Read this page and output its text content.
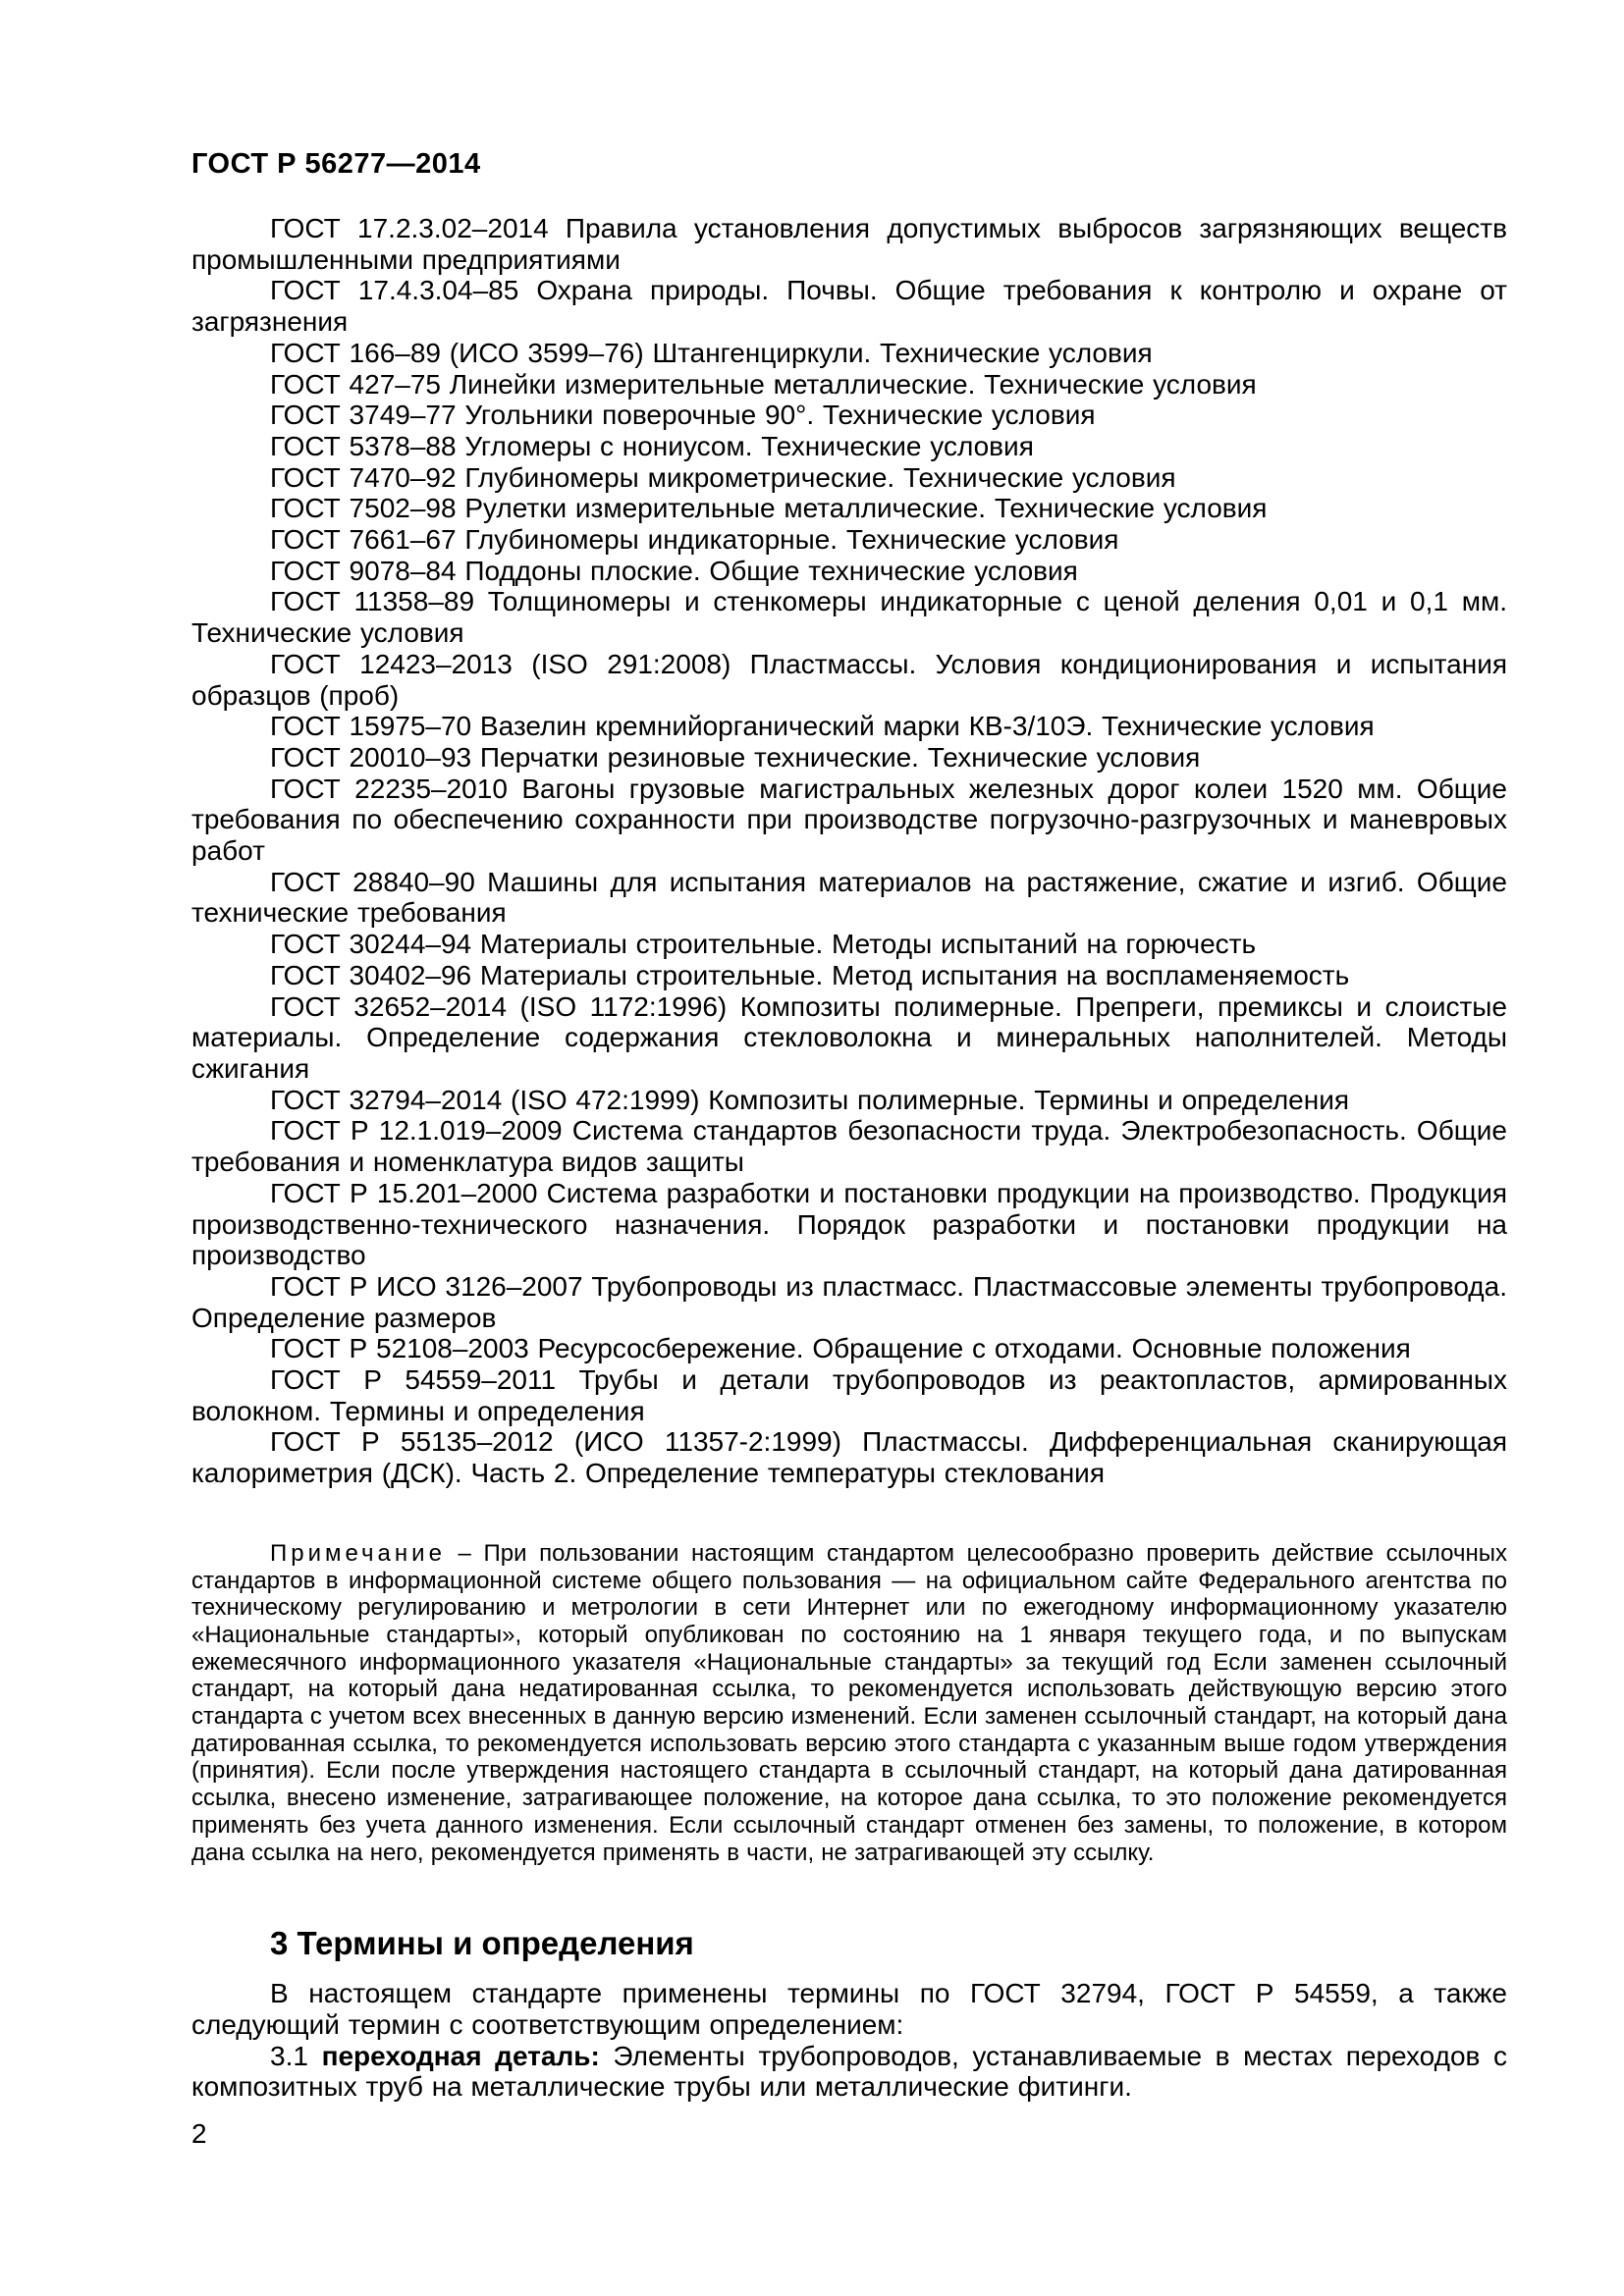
ГОСТ Р 56277—2014

ГОСТ 17.2.3.02–2014 Правила установления допустимых выбросов загрязняющих веществ промышленными предприятиями

ГОСТ 17.4.3.04–85 Охрана природы. Почвы. Общие требования к контролю и охране от загрязнения

ГОСТ 166–89 (ИСО 3599–76) Штангенциркули. Технические условия

ГОСТ 427–75 Линейки измерительные металлические. Технические условия

ГОСТ 3749–77 Угольники поверочные 90°. Технические условия

ГОСТ 5378–88 Угломеры с нониусом. Технические условия

ГОСТ 7470–92 Глубиномеры микрометрические. Технические условия

ГОСТ 7502–98 Рулетки измерительные металлические. Технические условия

ГОСТ 7661–67 Глубиномеры индикаторные. Технические условия

ГОСТ 9078–84 Поддоны плоские. Общие технические условия

ГОСТ 11358–89 Толщиномеры и стенкомеры индикаторные с ценой деления 0,01 и 0,1 мм. Технические условия

ГОСТ 12423–2013 (ISO 291:2008) Пластмассы. Условия кондиционирования и испытания образцов (проб)

ГОСТ 15975–70 Вазелин кремнийорганический марки КВ-3/10Э. Технические условия

ГОСТ 20010–93 Перчатки резиновые технические. Технические условия

ГОСТ 22235–2010 Вагоны грузовые магистральных железных дорог колеи 1520 мм. Общие требования по обеспечению сохранности при производстве погрузочно-разгрузочных и маневровых работ

ГОСТ 28840–90 Машины для испытания материалов на растяжение, сжатие и изгиб. Общие технические требования

ГОСТ 30244–94 Материалы строительные. Методы испытаний на горючесть

ГОСТ 30402–96 Материалы строительные. Метод испытания на воспламеняемость

ГОСТ 32652–2014 (ISO 1172:1996) Композиты полимерные. Препреги, премиксы и слоистые материалы. Определение содержания стекловолокна и минеральных наполнителей. Методы сжигания

ГОСТ 32794–2014 (ISO 472:1999) Композиты полимерные. Термины и определения

ГОСТ Р 12.1.019–2009 Система стандартов безопасности труда. Электробезопасность. Общие требования и номенклатура видов защиты

ГОСТ Р 15.201–2000 Система разработки и постановки продукции на производство. Продукция производственно-технического назначения. Порядок разработки и постановки продукции на производство

ГОСТ Р ИСО 3126–2007 Трубопроводы из пластмасс. Пластмассовые элементы трубопровода. Определение размеров

ГОСТ Р 52108–2003 Ресурсосбережение. Обращение с отходами. Основные положения

ГОСТ Р 54559–2011 Трубы и детали трубопроводов из реактопластов, армированных волокном. Термины и определения

ГОСТ Р 55135–2012 (ИСО 11357-2:1999) Пластмассы. Дифференциальная сканирующая калориметрия (ДСК). Часть 2. Определение температуры стеклования

Примечание – При пользовании настоящим стандартом целесообразно проверить действие ссылочных стандартов в информационной системе общего пользования — на официальном сайте Федерального агентства по техническому регулированию и метрологии в сети Интернет или по ежегодному информационному указателю «Национальные стандарты», который опубликован по состоянию на 1 января текущего года, и по выпускам ежемесячного информационного указателя «Национальные стандарты» за текущий год Если заменен ссылочный стандарт, на который дана недатированная ссылка, то рекомендуется использовать действующую версию этого стандарта с учетом всех внесенных в данную версию изменений. Если заменен ссылочный стандарт, на который дана датированная ссылка, то рекомендуется использовать версию этого стандарта с указанным выше годом утверждения (принятия). Если после утверждения настоящего стандарта в ссылочный стандарт, на который дана датированная ссылка, внесено изменение, затрагивающее положение, на которое дана ссылка, то это положение рекомендуется применять без учета данного изменения. Если ссылочный стандарт отменен без замены, то положение, в котором дана ссылка на него, рекомендуется применять в части, не затрагивающей эту ссылку.

3 Термины и определения

В настоящем стандарте применены термины по ГОСТ 32794, ГОСТ Р 54559, а также следующий термин с соответствующим определением:

3.1 переходная деталь: Элементы трубопроводов, устанавливаемые в местах переходов с композитных труб на металлические трубы или металлические фитинги.

2
